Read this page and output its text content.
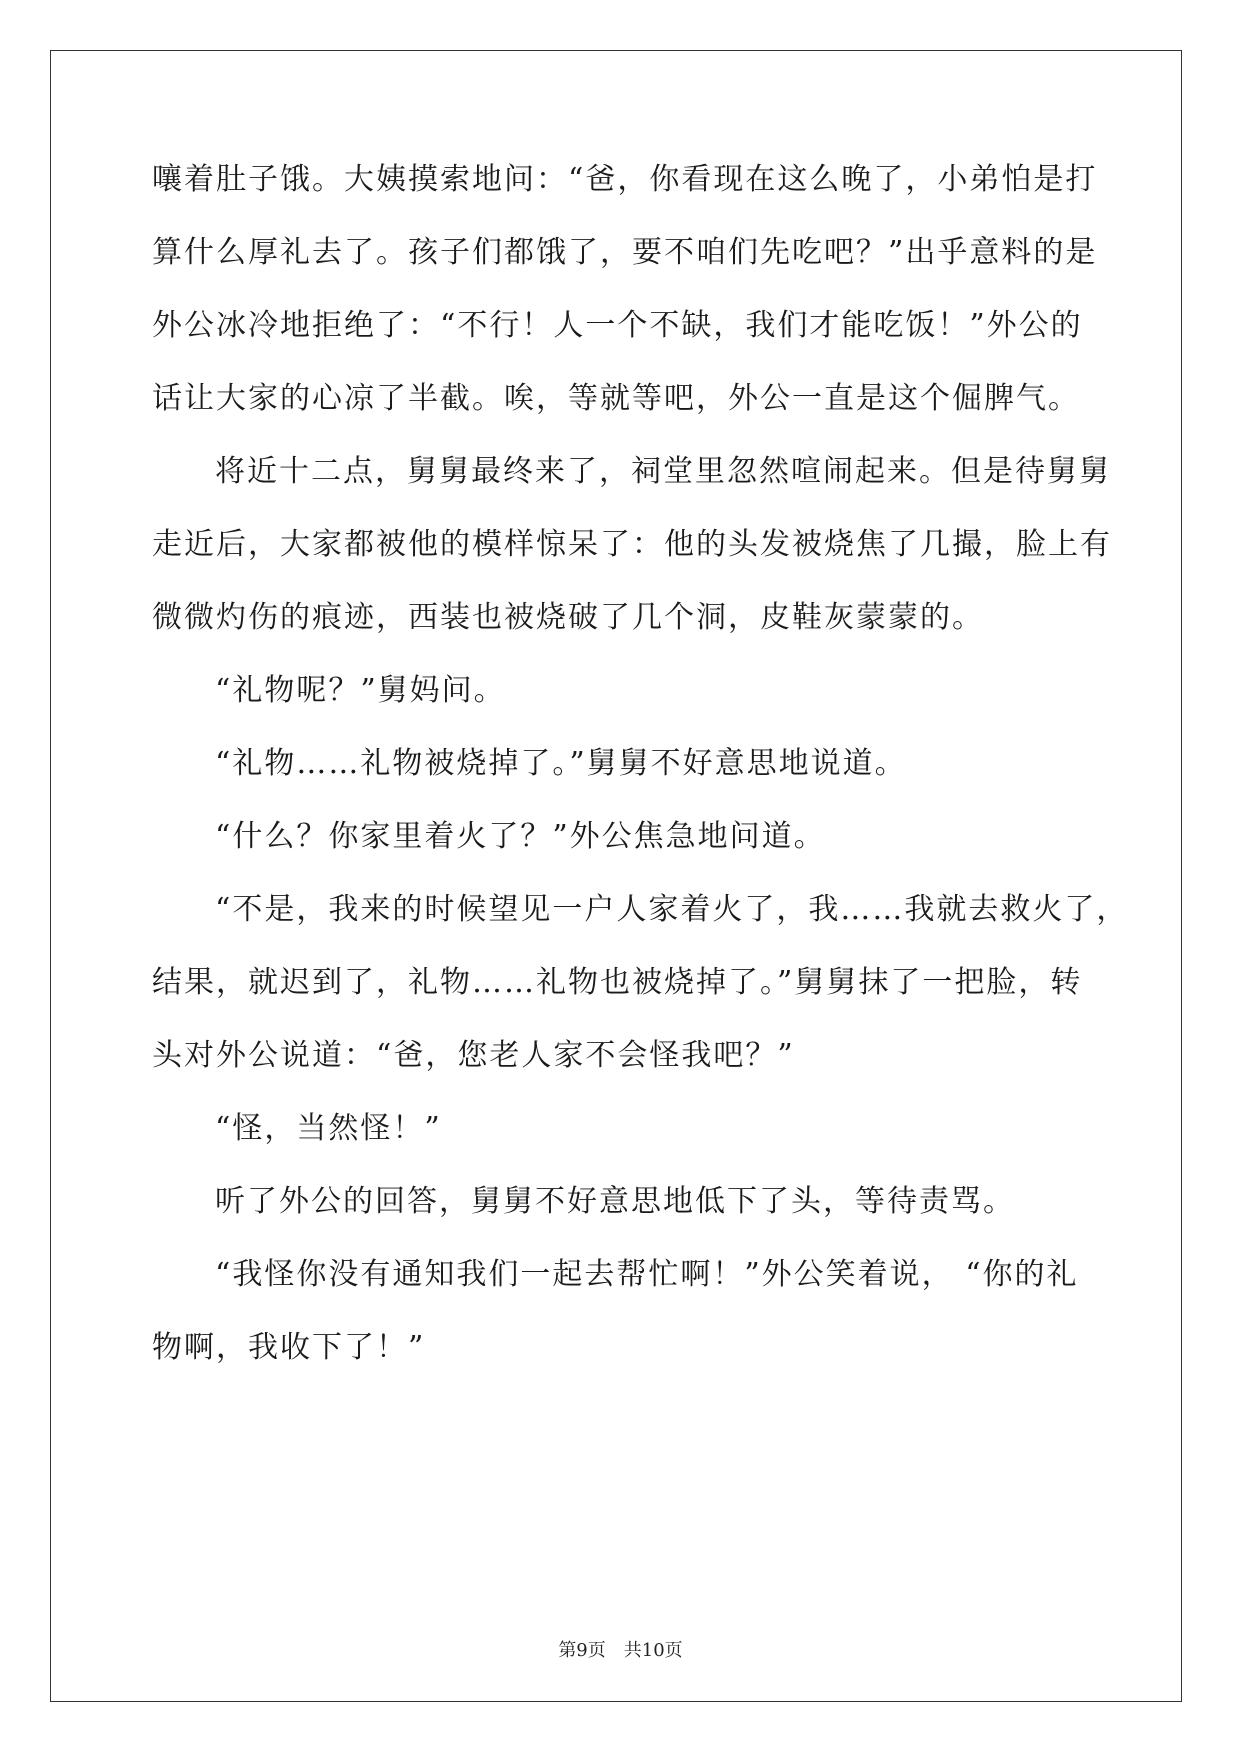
嚷着肚子饿。大姨摸索地问：“爸，你看现在这么晚了，小弟怕是打
算什么厚礼去了。孩子们都饿了，要不咱们先吃吧？”出乎意料的是
外公冰冷地拒绝了：“不行！人一个不缺，我们才能吃饭！”外公的
话让大家的心凉了半截。唉，等就等吧，外公一直是这个倔脾气。
将近十二点，舅舅最终来了，祠堂里忽然喧闹起来。但是待舅舅
走近后，大家都被他的模样惊呆了：他的头发被烧焦了几撮，脸上有
微微灼伤的痕迹，西装也被烧破了几个洞，皮鞋灰蒙蒙的。
“礼物呢？”舅妈问。
“礼物……礼物被烧掉了。”舅舅不好意思地说道。
“什么？你家里着火了？”外公焦急地问道。
“不是，我来的时候望见一户人家着火了，我……我就去救火了，
结果，就迟到了，礼物……礼物也被烧掉了。”舅舅抹了一把脸，转
头对外公说道：“爸，您老人家不会怪我吧？”
“怪，当然怪！”
听了外公的回答，舅舅不好意思地低下了头，等待责骂。
“我怪你没有通知我们一起去帮忙啊！”外公笑着说， “你的礼
物啊，我收下了！”
第9页　共10页
